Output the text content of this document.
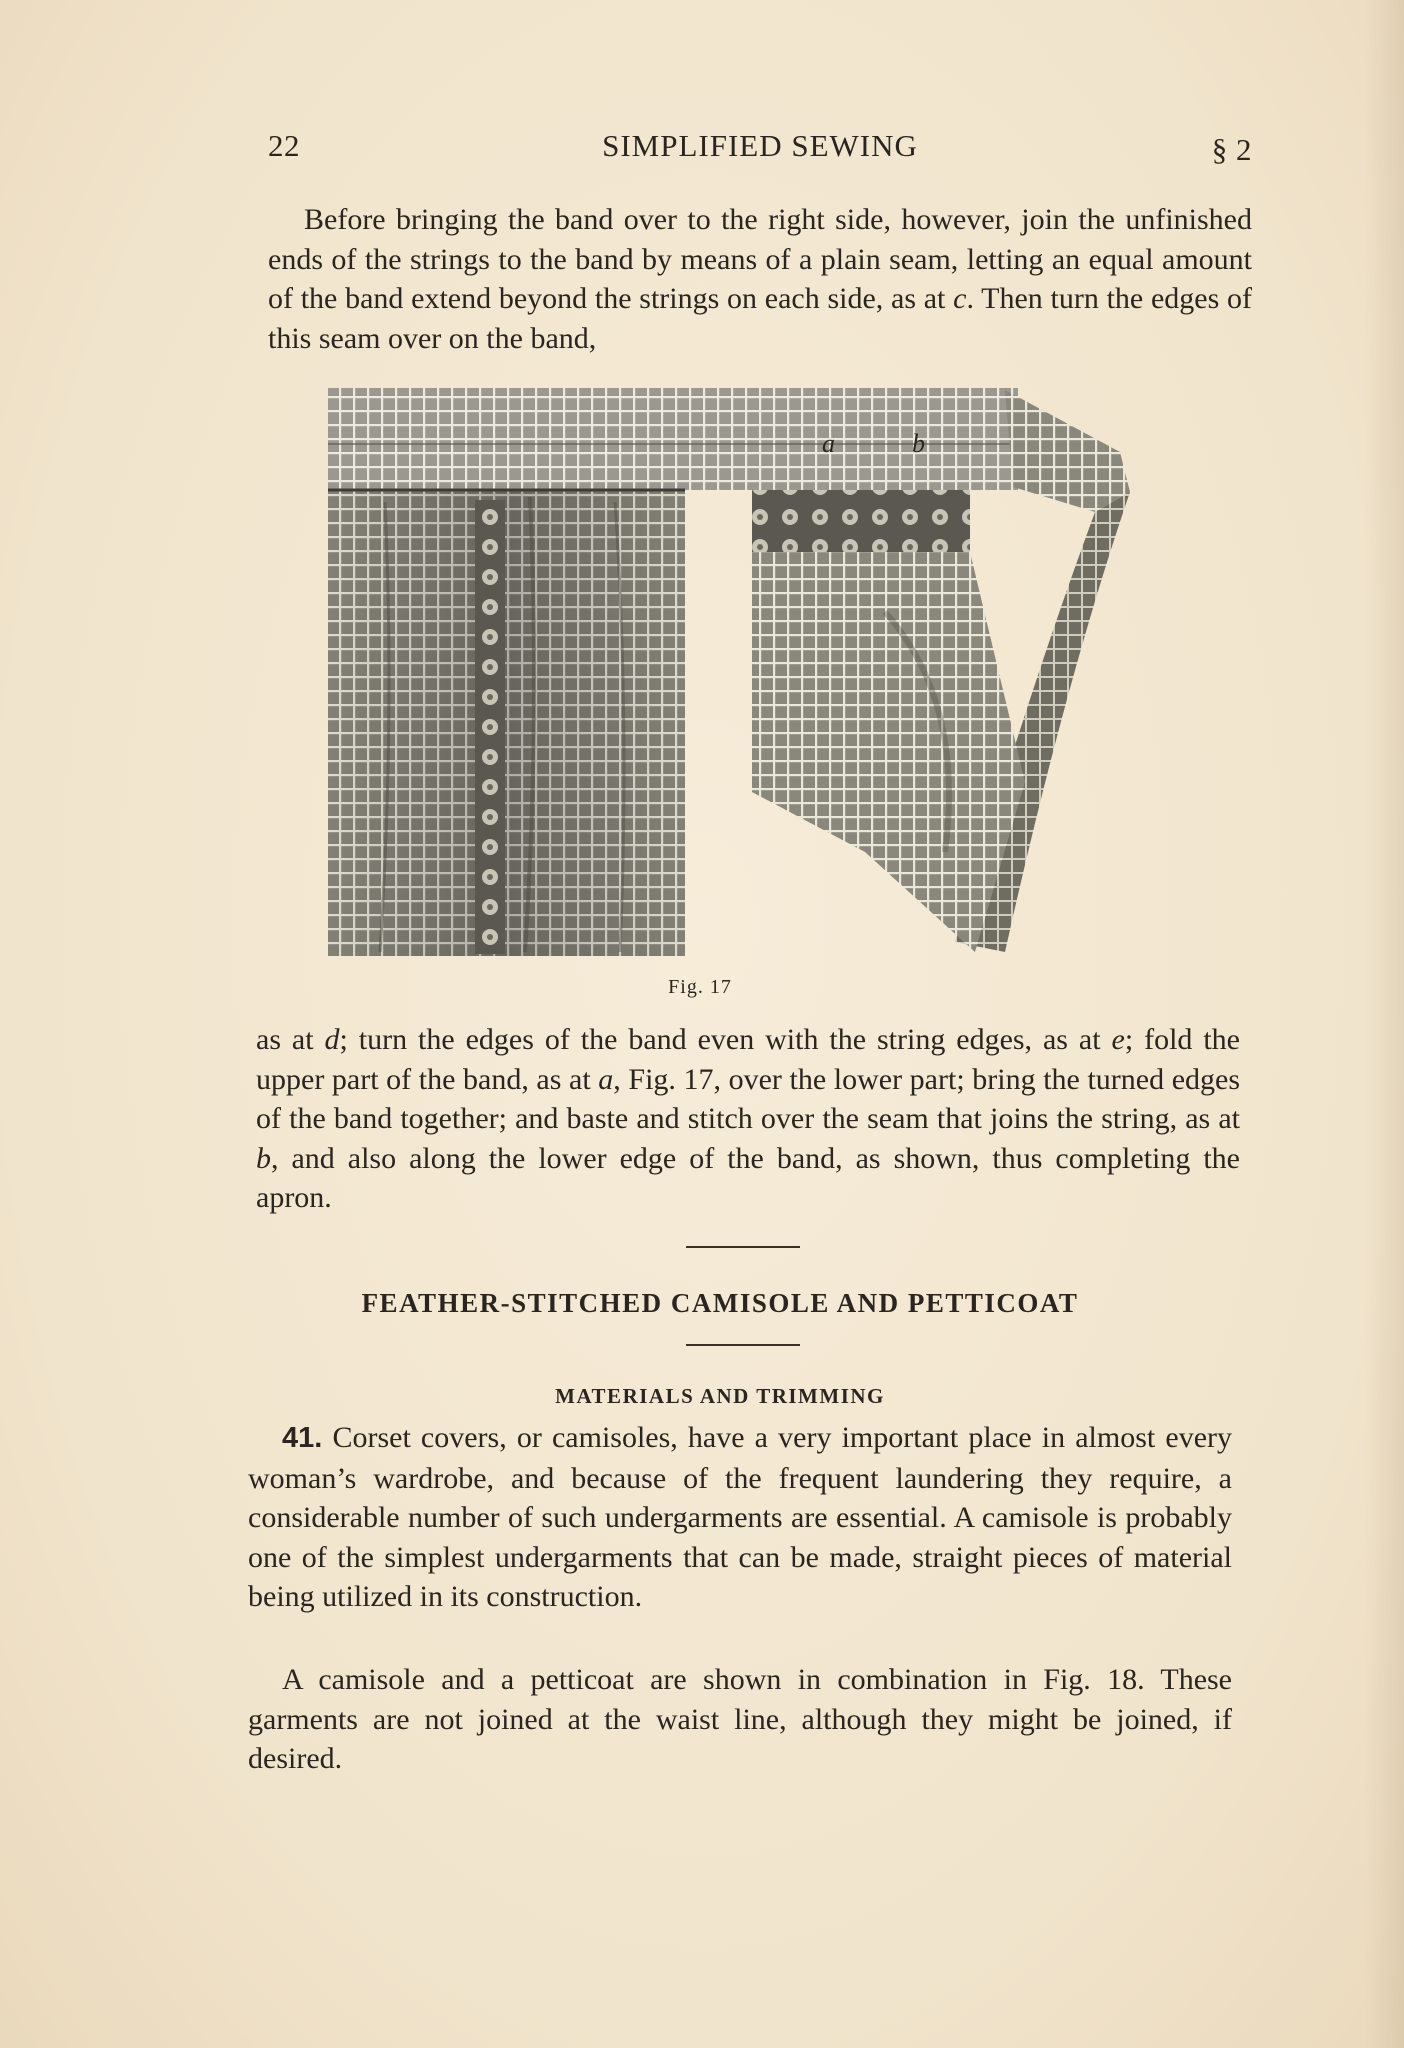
22	SIMPLIFIED SEWING	§ 2

Before bringing the band over to the right side, however, join the unfinished ends of the strings to the band by means of a plain seam, letting an equal amount of the band extend beyond the strings on each side, as at c. Then turn the edges of this seam over on the band,

a	b
Fig. 17

as at d; turn the edges of the band even with the string edges, as at e; fold the upper part of the band, as at a, Fig. 17, over the lower part; bring the turned edges of the band together; and baste and stitch over the seam that joins the string, as at b, and also along the lower edge of the band, as shown, thus completing the apron.

FEATHER-STITCHED CAMISOLE AND PETTICOAT
MATERIALS AND TRIMMING

41. Corset covers, or camisoles, have a very important place in almost every woman’s wardrobe, and because of the frequent laundering they require, a considerable number of such undergarments are essential. A camisole is probably one of the simplest undergarments that can be made, straight pieces of material being utilized in its construction.

A camisole and a petticoat are shown in combination in Fig. 18. These garments are not joined at the waist line, although they might be joined, if desired.
